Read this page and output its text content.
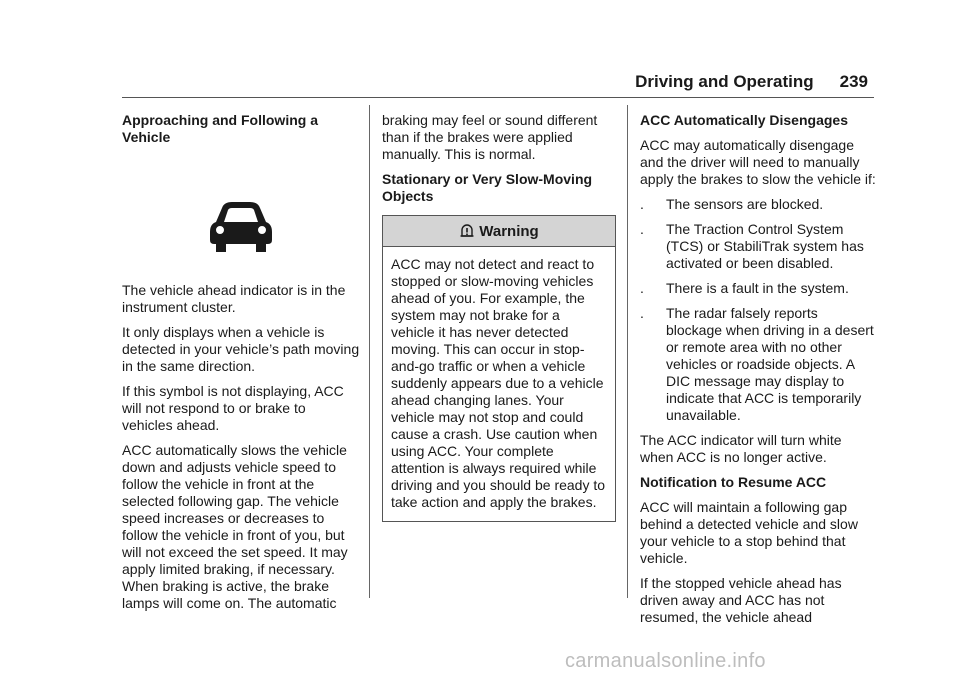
Driving and Operating 239

Approaching and Following a Vehicle

The vehicle ahead indicator is in the instrument cluster.

It only displays when a vehicle is detected in your vehicle’s path moving in the same direction.

If this symbol is not displaying, ACC will not respond to or brake to vehicles ahead.

ACC automatically slows the vehicle down and adjusts vehicle speed to follow the vehicle in front at the selected following gap. The vehicle speed increases or decreases to follow the vehicle in front of you, but will not exceed the set speed. It may apply limited braking, if necessary. When braking is active, the brake lamps will come on. The automatic

braking may feel or sound different than if the brakes were applied manually. This is normal.

Stationary or Very Slow-Moving Objects

Warning
ACC may not detect and react to stopped or slow-moving vehicles ahead of you. For example, the system may not brake for a vehicle it has never detected moving. This can occur in stop-and-go traffic or when a vehicle suddenly appears due to a vehicle ahead changing lanes. Your vehicle may not stop and could cause a crash. Use caution when using ACC. Your complete attention is always required while driving and you should be ready to take action and apply the brakes.

ACC Automatically Disengages

ACC may automatically disengage and the driver will need to manually apply the brakes to slow the vehicle if:

.	The sensors are blocked.
.	The Traction Control System (TCS) or StabiliTrak system has activated or been disabled.
.	There is a fault in the system.
.	The radar falsely reports blockage when driving in a desert or remote area with no other vehicles or roadside objects. A DIC message may display to indicate that ACC is temporarily unavailable.

The ACC indicator will turn white when ACC is no longer active.

Notification to Resume ACC

ACC will maintain a following gap behind a detected vehicle and slow your vehicle to a stop behind that vehicle.

If the stopped vehicle ahead has driven away and ACC has not resumed, the vehicle ahead

carmanualsonline.info
